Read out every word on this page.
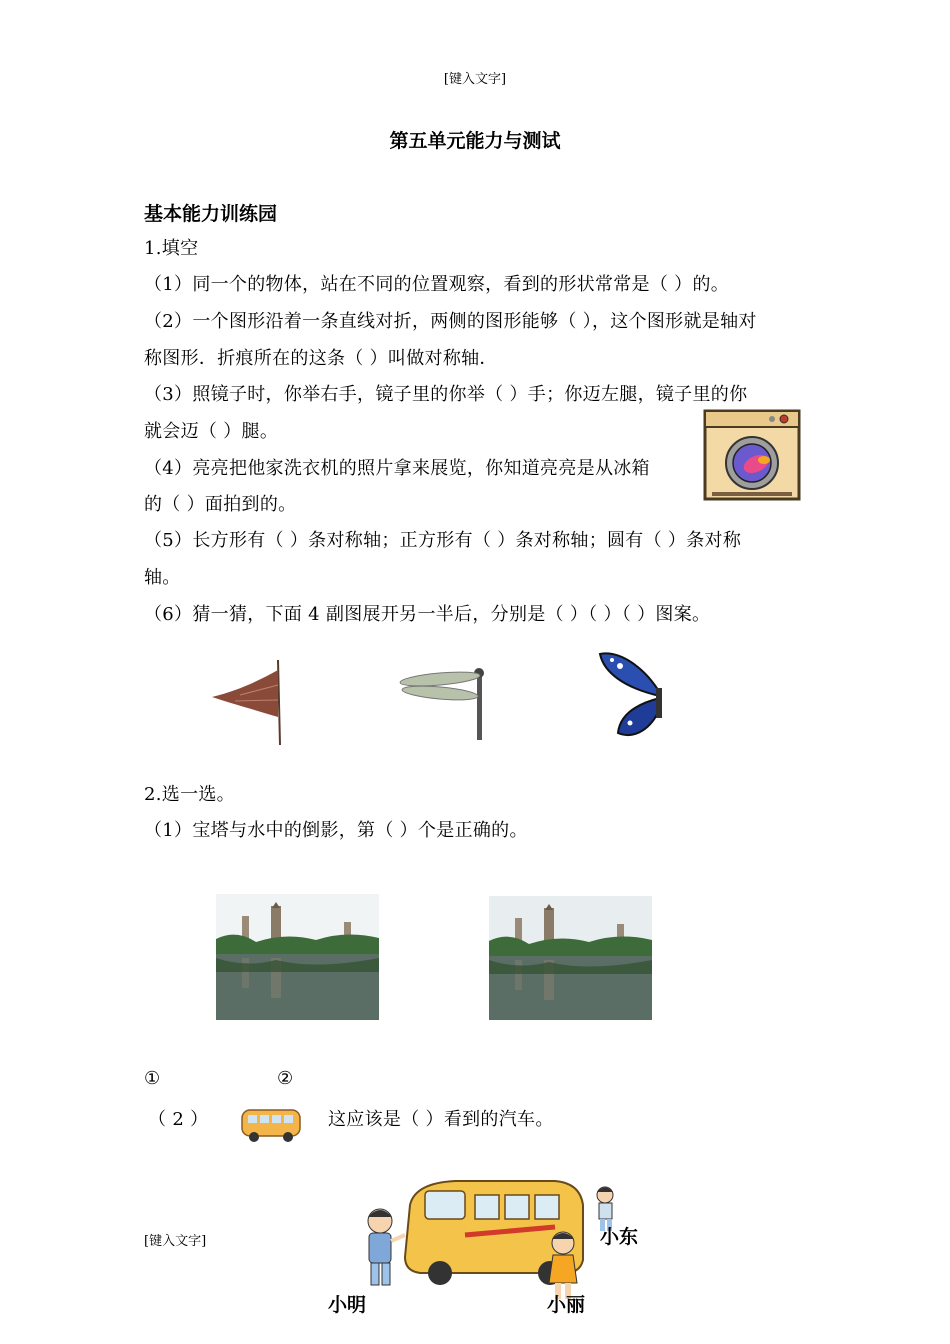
[键入文字]
第五单元能力与测试
基本能力训练园
1.填空
（1）同一个的物体，站在不同的位置观察，看到的形状常常是（ ）的。
（2）一个图形沿着一条直线对折，两侧的图形能够（ ），这个图形就是轴对
称图形．折痕所在的这条（ ）叫做对称轴．
（3）照镜子时，你举右手，镜子里的你举（ ）手；你迈左腿，镜子里的你
就会迈（ ）腿。
（4）亮亮把他家洗衣机的照片拿来展览，你知道亮亮是从冰箱
的（ ）面拍到的。
（5）长方形有（ ）条对称轴；正方形有（ ）条对称轴；圆有（ ）条对称
轴。
（6）猜一猜，下面 4 副图展开另一半后，分别是（ ）（ ）（ ）图案。
2.选一选。
（1）宝塔与水中的倒影，第（ ）个是正确的。
①	②
（ 2 ）	这应该是（ ）看到的汽车。
小东
小明	小丽
[键入文字]
